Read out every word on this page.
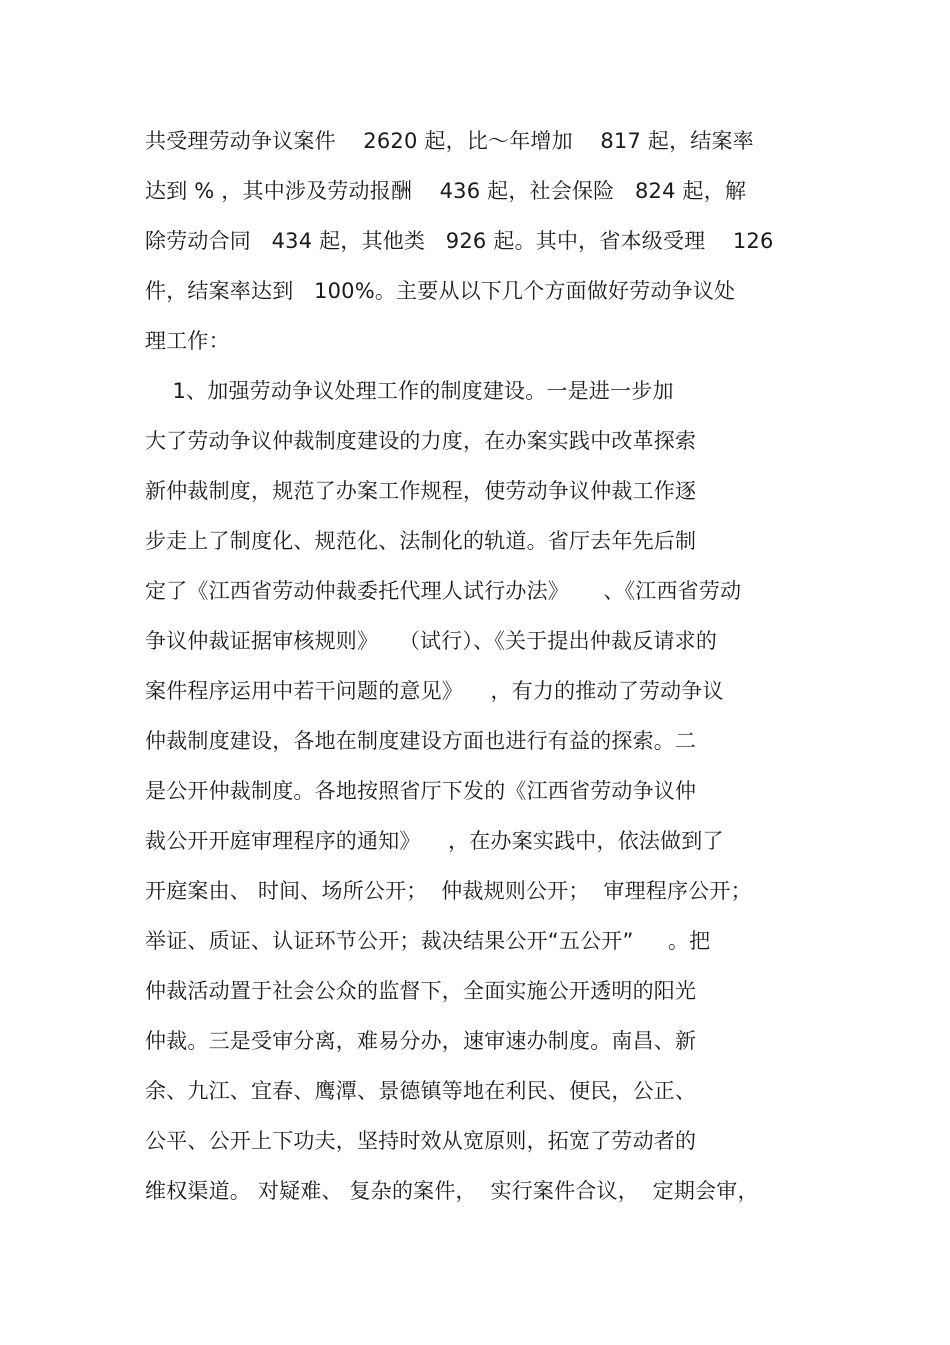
共受理劳动争议案件    2620 起，比～年增加    817 起，结案率
达到 % ，其中涉及劳动报酬    436 起，社会保险   824 起，解
除劳动合同   434 起，其他类   926 起。其中，省本级受理    126
件，结案率达到   100%。主要从以下几个方面做好劳动争议处
理工作：
1、加强劳动争议处理工作的制度建设。一是进一步加
大了劳动争议仲裁制度建设的力度，在办案实践中改革探索
新仲裁制度，规范了办案工作规程，使劳动争议仲裁工作逐
步走上了制度化、规范化、法制化的轨道。省厅去年先后制
定了《江西省劳动仲裁委托代理人试行办法》     、《江西省劳动
争议仲裁证据审核规则》   （试行）、《关于提出仲裁反请求的
案件程序运用中若干问题的意见》    ，有力的推动了劳动争议
仲裁制度建设，各地在制度建设方面也进行有益的探索。二
是公开仲裁制度。各地按照省厅下发的《江西省劳动争议仲
裁公开开庭审理程序的通知》    ，在办案实践中，依法做到了
开庭案由、 时间、场所公开；  仲裁规则公开；  审理程序公开；
举证、质证、认证环节公开；裁决结果公开“五公开”     。把
仲裁活动置于社会公众的监督下，全面实施公开透明的阳光
仲裁。三是受审分离，难易分办，速审速办制度。南昌、新
余、九江、宜春、鹰潭、景德镇等地在利民、便民，公正、
公平、公开上下功夫，坚持时效从宽原则，拓宽了劳动者的
维权渠道。 对疑难、 复杂的案件，  实行案件合议，  定期会审，
